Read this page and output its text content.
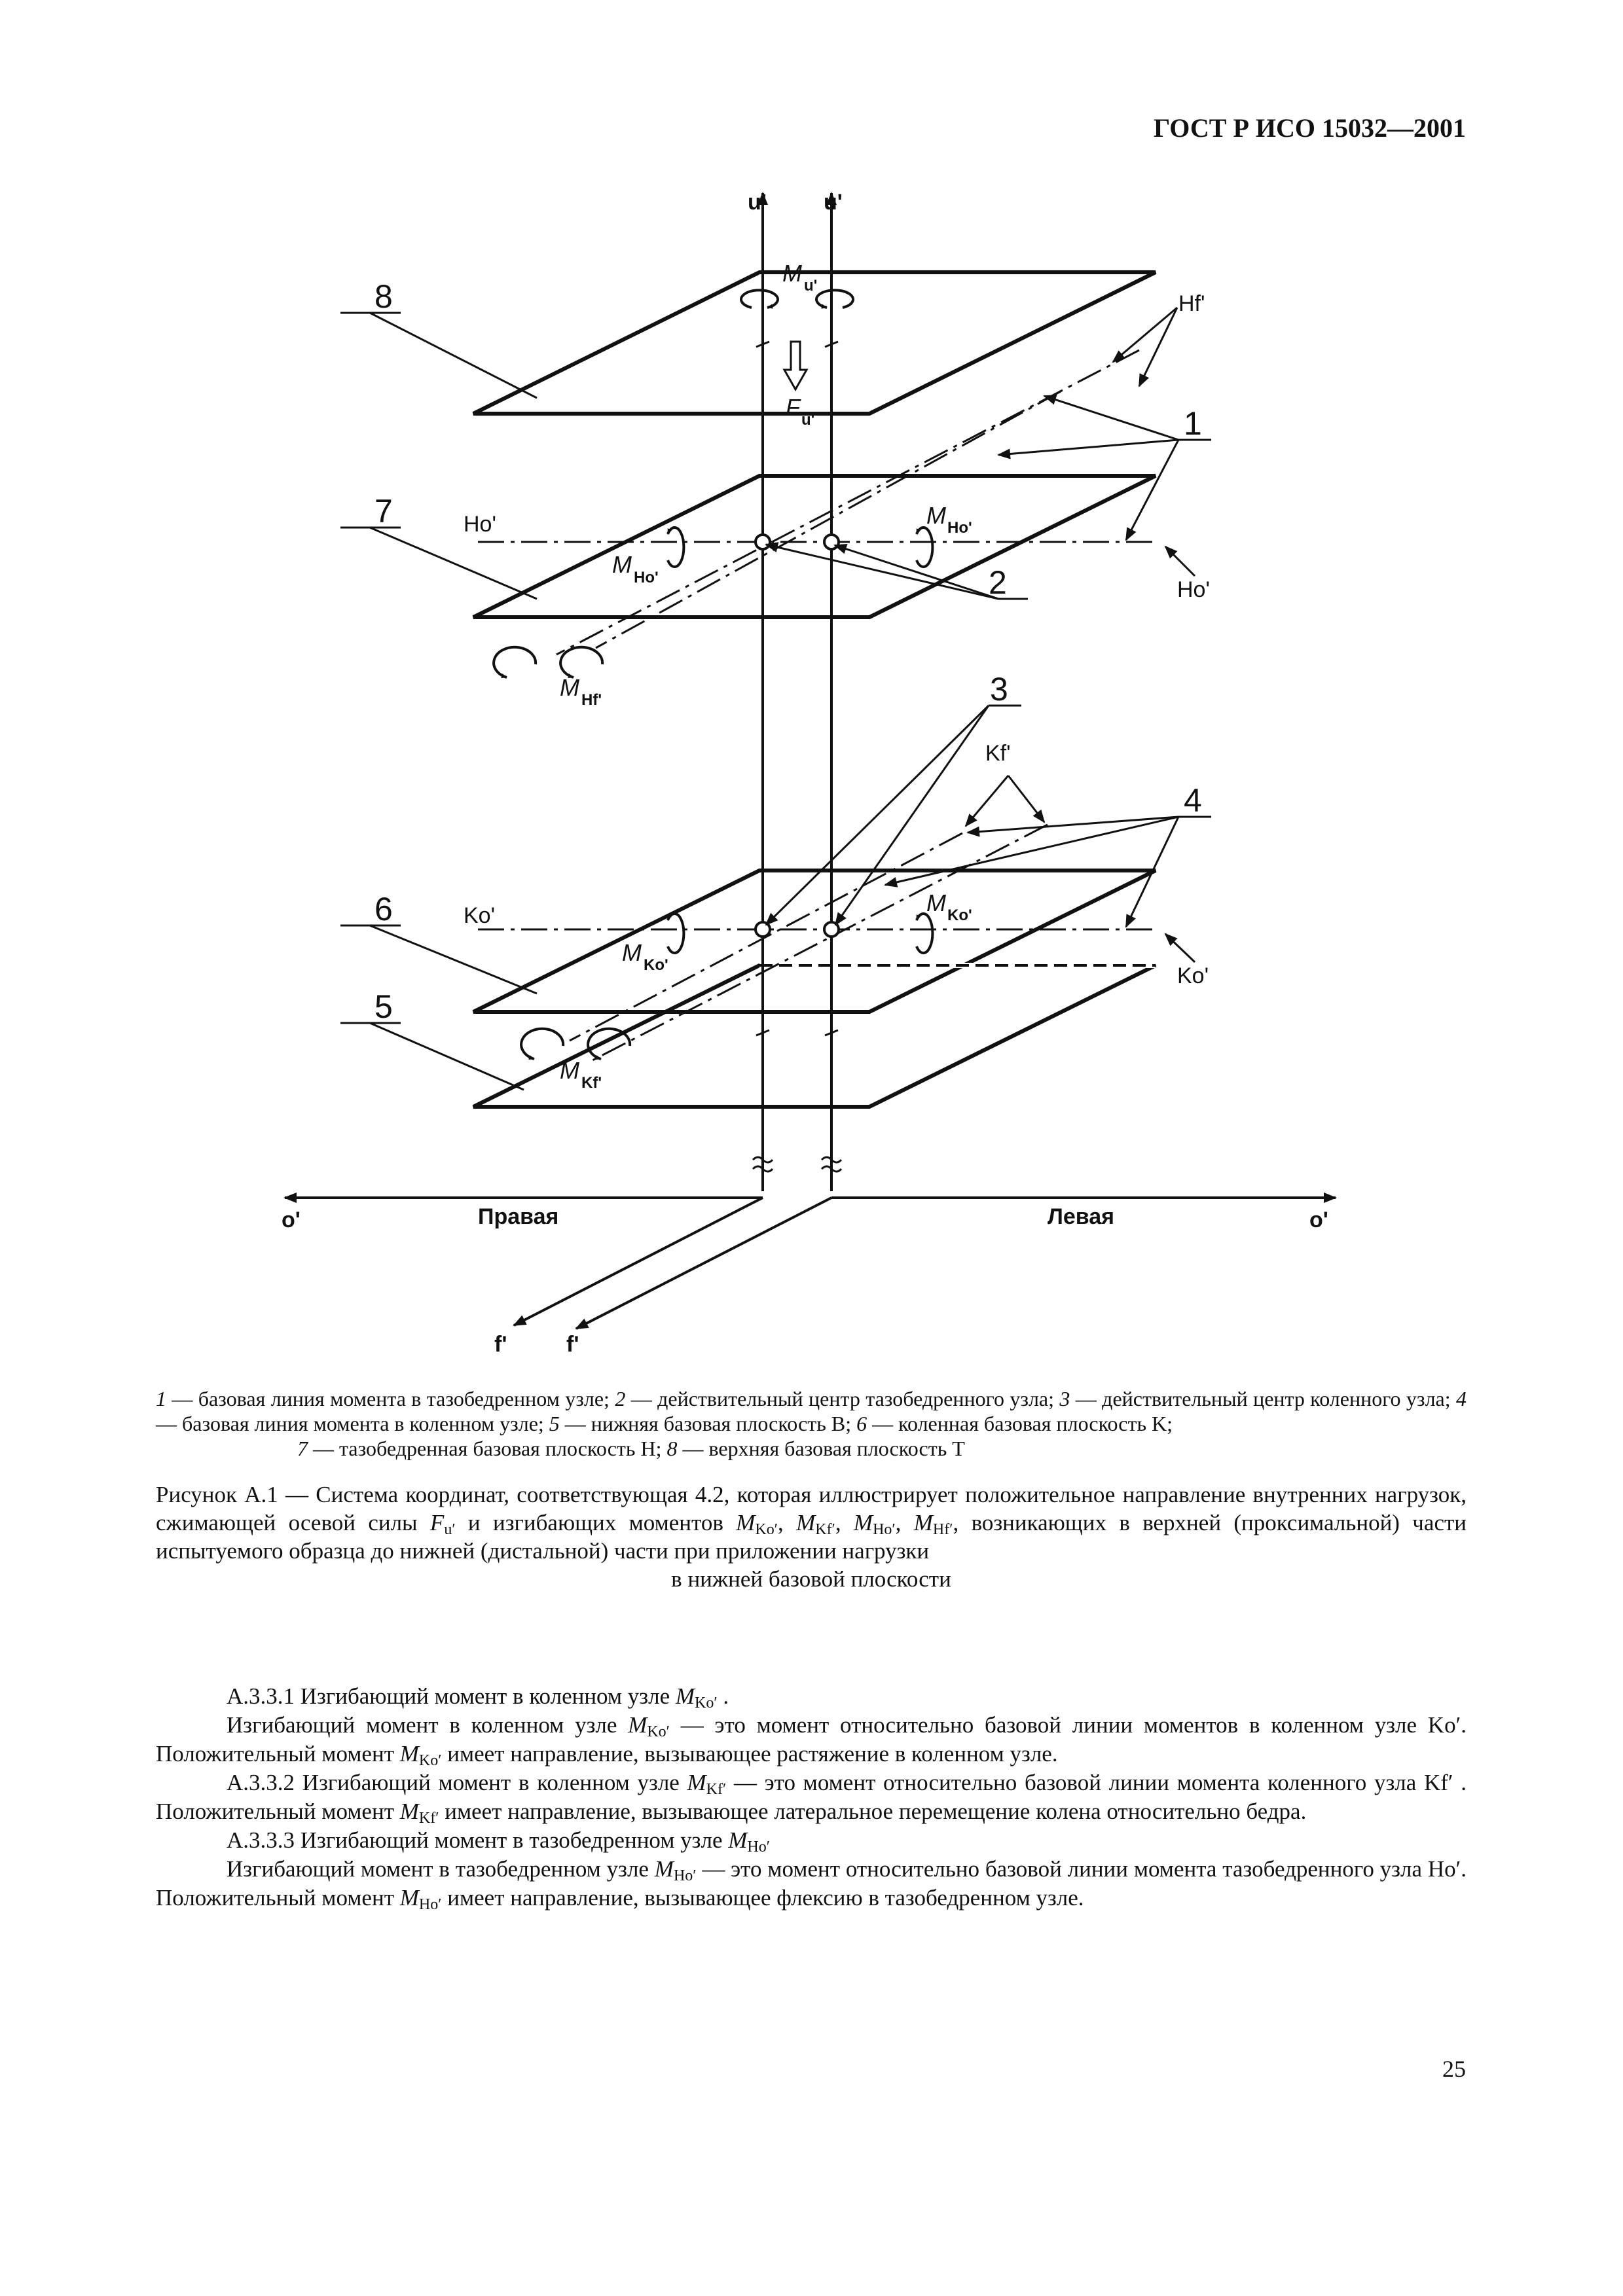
ГОСТ Р ИСО 15032—2001
u'	u'
o'	o'
f'	f'
M u'
F u'
M Ho'
M Ho'
M Hf'
M Ko'
M Ko'
M Kf'
Hf'
Ho'
Ho'
Kf'
Ko'
Ko'
Правая	Левая
8
7
6
5
1
2
3
4
1 — базовая линия момента в тазобедренном узле; 2 — действительный центр тазобедренного узла; 3 — действительный центр коленного узла; 4 — базовая линия момента в коленном узле; 5 — нижняя базовая плоскость В; 6 — коленная базовая плоскость K;
7 — тазобедренная базовая плоскость H; 8 — верхняя базовая плоскость T
Рисунок А.1 — Система координат, соответствующая 4.2, которая иллюстрирует положительное направление внутренних нагрузок, сжимающей осевой силы $F_{u'}$ и изгибающих моментов $M_{Ko'}$, $M_{Kf'}$, $M_{Ho'}$, $M_{Hf'}$, возникающих в верхней (проксимальной) части испытуемого образца до нижней (дистальной) части при приложении нагрузки
в нижней базовой плоскости

А.3.3.1 Изгибающий момент в коленном узле $M_{Ko'}$ .

Изгибающий момент в коленном узле $M_{Ko'}$ — это момент относительно базовой линии моментов в коленном узле Ko′. Положительный момент $M_{Ko'}$ имеет направление, вызывающее растяжение в коленном узле.

А.3.3.2 Изгибающий момент в коленном узле $M_{Kf'}$ — это момент относительно базовой линии момента коленного узла Kf′ . Положительный момент $M_{Kf'}$ имеет направление, вызывающее латеральное перемещение колена относительно бедра.

А.3.3.3 Изгибающий момент в тазобедренном узле $M_{Ho'}$

Изгибающий момент в тазобедренном узле $M_{Ho'}$ — это момент относительно базовой линии момента тазобедренного узла Ho′. Положительный момент $M_{Ho'}$ имеет направление, вызывающее флексию в тазобедренном узле.

25
